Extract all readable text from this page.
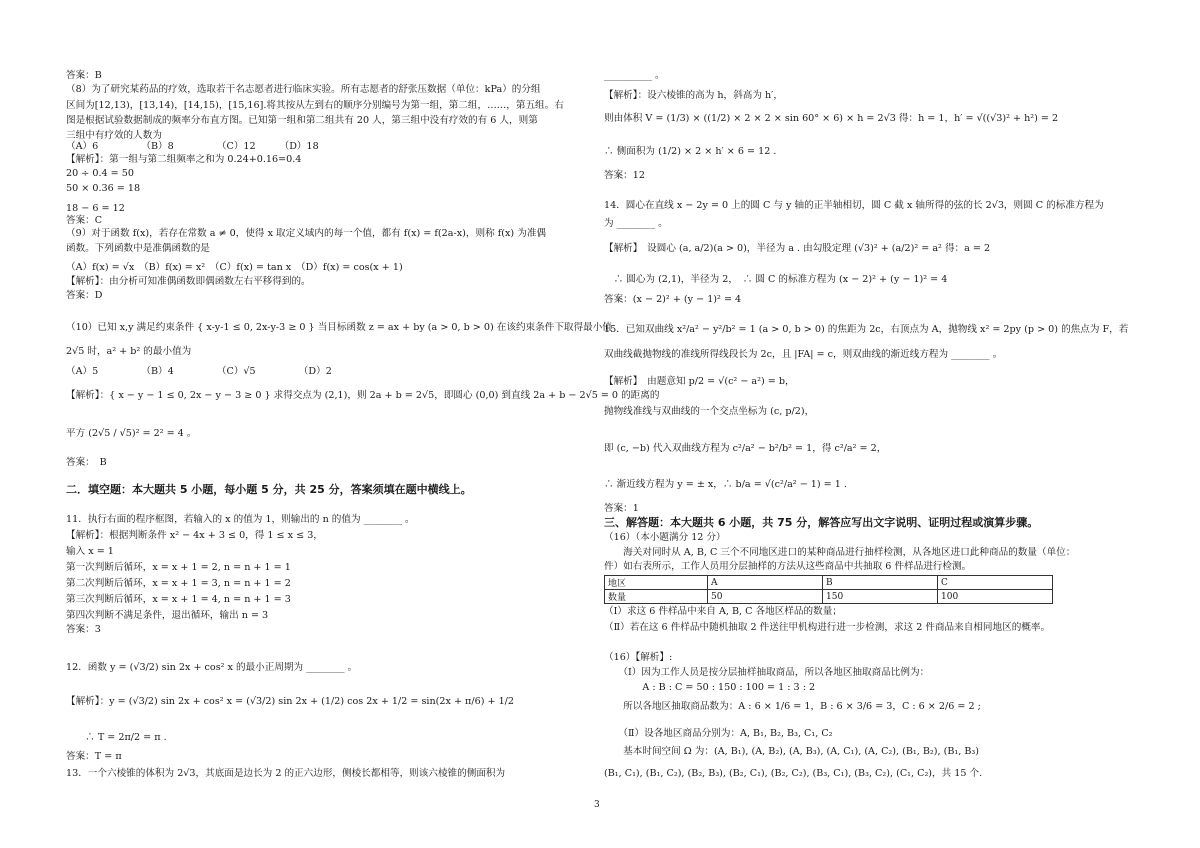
答案：B
（8）为了研究某药品的疗效，选取若干名志愿者进行临床实验。所有志愿者的舒张压数据（单位：kPa）的分组
区间为[12,13)，[13,14)，[14,15)，[15,16].将其按从左到右的顺序分别编号为第一组，第二组，……，第五组。右
图是根据试验数据制成的频率分布直方图。已知第一组和第二组共有 20 人，第三组中没有疗效的有 6 人，则第
三组中有疗效的人数为
（A）6　　　　　（B）8　　　　　（C）12　　　（D）18
【解析】：第一组与第二组频率之和为 0.24+0.16=0.4
20 ÷ 0.4 = 50
50 × 0.36 = 18
18 − 6 = 12
答案：C
（9）对于函数 f(x)，若存在常数 a ≠ 0，使得 x 取定义域内的每一个值，都有 f(x) = f(2a-x)，则称 f(x) 为准偶
函数。下列函数中是准偶函数的是
（A）f(x) = √x　（B）f(x) = x²　（C）f(x) = tan x　（D）f(x) = cos(x + 1)
【解析】：由分析可知准偶函数即偶函数左右平移得到的。
答案：D
（10）已知 x,y 满足约束条件 { x-y-1 ≤ 0, 2x-y-3 ≥ 0 } 当目标函数 z = ax + by (a > 0, b > 0) 在该约束条件下取得最小值
2√5 时，a² + b² 的最小值为
（A）5　　　　　（B）4　　　　　（C）√5　　　　　（D）2
【解析】：{ x − y − 1 ≤ 0, 2x − y − 3 ≥ 0 } 求得交点为 (2,1)，则 2a + b = 2√5，即圆心 (0,0) 到直线 2a + b − 2√5 = 0 的距离的
平方 (2√5 / √5)² = 2² = 4 。
答案：　B
二．填空题：本大题共 5 小题，每小题 5 分，共 25 分，答案须填在题中横线上。
11．执行右面的程序框图，若输入的 x 的值为 1，则输出的 n 的值为 ________ 。
【解析】：根据判断条件 x² − 4x + 3 ≤ 0，得 1 ≤ x ≤ 3，
输入 x = 1
第一次判断后循环，x = x + 1 = 2, n = n + 1 = 1
第二次判断后循环，x = x + 1 = 3, n = n + 1 = 2
第三次判断后循环，x = x + 1 = 4, n = n + 1 = 3
第四次判断不满足条件，退出循环，输出 n = 3
答案：3
12．函数 y = (√3/2) sin 2x + cos² x 的最小正周期为 ________ 。
【解析】：y = (√3/2) sin 2x + cos² x = (√3/2) sin 2x + (1/2) cos 2x + 1/2 = sin(2x + π/6) + 1/2
　　∴ T = 2π/2 = π .
答案：T = π
13．一个六棱锥的体积为 2√3，其底面是边长为 2 的正六边形，侧棱长都相等，则该六棱锥的侧面积为
地区	A	B	C
数量	50	150	100
__________ 。
【解析】：设六棱锥的高为 h，斜高为 h′，
则由体积 V = (1/3) × ((1/2) × 2 × 2 × sin 60° × 6) × h = 2√3 得：h = 1，h′ = √((√3)² + h²) = 2
∴ 侧面积为 (1/2) × 2 × h′ × 6 = 12 .
答案：12
14．圆心在直线 x − 2y = 0 上的圆 C 与 y 轴的正半轴相切，圆 C 截 x 轴所得的弦的长 2√3，则圆 C 的标准方程为
为 ________ 。
【解析】　设圆心 (a, a/2)(a > 0)，半径为 a . 由勾股定理 (√3)² + (a/2)² = a² 得：a = 2
　∴ 圆心为 (2,1)，半径为 2，　∴ 圆 C 的标准方程为 (x − 2)² + (y − 1)² = 4
答案：(x − 2)² + (y − 1)² = 4
15．已知双曲线 x²/a² − y²/b² = 1 (a > 0, b > 0) 的焦距为 2c，右顶点为 A，抛物线 x² = 2py (p > 0) 的焦点为 F，若
双曲线截抛物线的准线所得线段长为 2c，且 |FA| = c，则双曲线的渐近线方程为 ________ 。
【解析】　由题意知 p/2 = √(c² − a²) = b，
抛物线准线与双曲线的一个交点坐标为 (c, p/2)，
即 (c, −b) 代入双曲线方程为 c²/a² − b²/b² = 1，得 c²/a² = 2，
∴ 渐近线方程为 y = ± x，∴ b/a = √(c²/a² − 1) = 1 .
答案：1
三、解答题：本大题共 6 小题，共 75 分，解答应写出文字说明、证明过程或演算步骤。
（16）（本小题满分 12 分）
　　海关对同时从 A, B, C 三个不同地区进口的某种商品进行抽样检测，从各地区进口此种商品的数量（单位：
件）如右表所示，工作人员用分层抽样的方法从这些商品中共抽取 6 件样品进行检测。
（Ⅰ）求这 6 件样品中来自 A, B, C 各地区样品的数量；
（Ⅱ）若在这 6 件样品中随机抽取 2 件送往甲机构进行进一步检测，求这 2 件商品来自相同地区的概率。
（16）【解析】:
　　（Ⅰ）因为工作人员是按分层抽样抽取商品，所以各地区抽取商品比例为：
　　　　A : B : C = 50 : 150 : 100 = 1 : 3 : 2
　　所以各地区抽取商品数为：A : 6 × 1/6 = 1，B : 6 × 3/6 = 3，C : 6 × 2/6 = 2 ;
　　（Ⅱ）设各地区商品分别为：A, B₁, B₂, B₃, C₁, C₂
　　基本时间空间 Ω 为：(A, B₁), (A, B₂), (A, B₃), (A, C₁), (A, C₂), (B₁, B₂), (B₁, B₃)
(B₁, C₁), (B₁, C₂), (B₂, B₃), (B₂, C₁), (B₂, C₂), (B₃, C₁), (B₃, C₂), (C₁, C₂)，共 15 个.
3
